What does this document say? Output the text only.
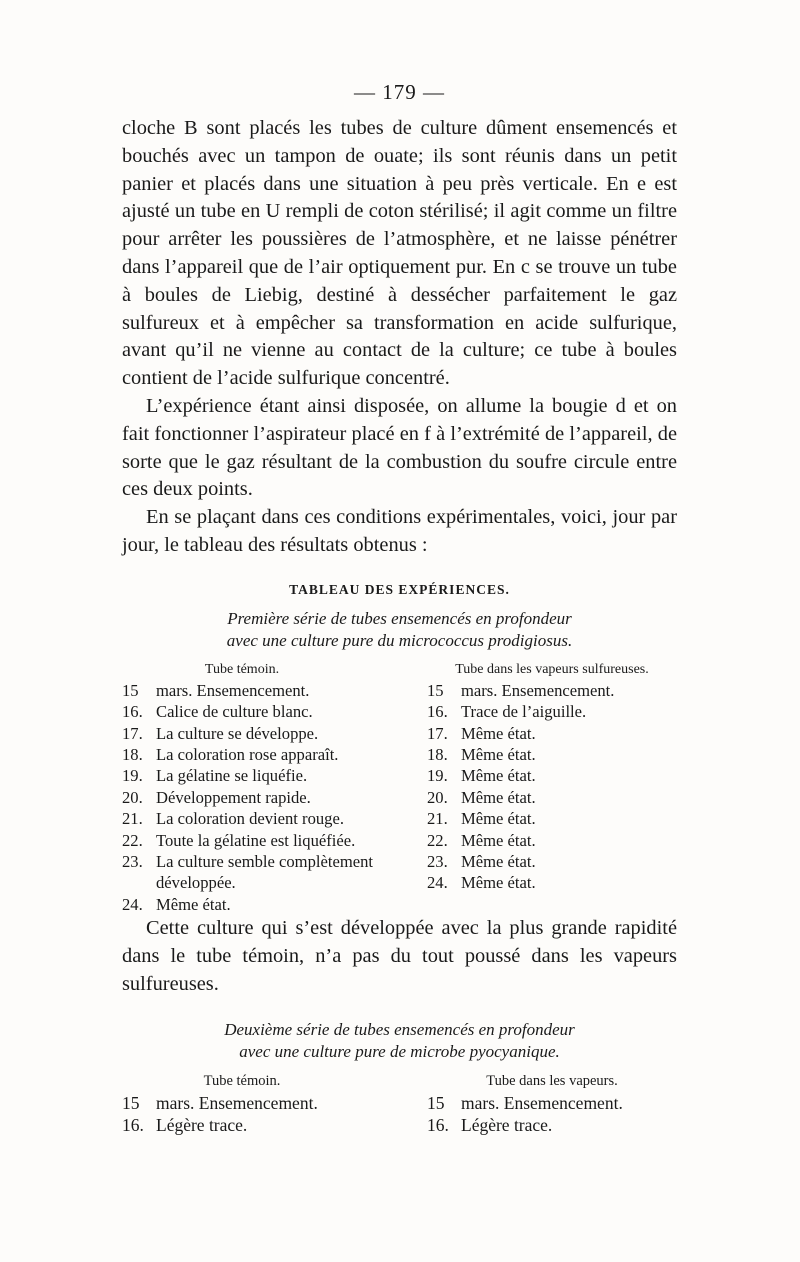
— 179 —

cloche B sont placés les tubes de culture dûment ensemencés et bouchés avec un tampon de ouate; ils sont réunis dans un petit panier et placés dans une situation à peu près verticale. En e est ajusté un tube en U rempli de coton stérilisé; il agit comme un filtre pour arrêter les poussières de l’atmosphère, et ne laisse pénétrer dans l’appareil que de l’air optiquement pur. En c se trouve un tube à boules de Liebig, destiné à dessécher parfaitement le gaz sulfureux et à empêcher sa transformation en acide sulfurique, avant qu’il ne vienne au contact de la culture; ce tube à boules contient de l’acide sulfurique concentré.

L’expérience étant ainsi disposée, on allume la bougie d et on fait fonctionner l’aspirateur placé en f à l’extrémité de l’appareil, de sorte que le gaz résultant de la combustion du soufre circule entre ces deux points.

En se plaçant dans ces conditions expérimentales, voici, jour par jour, le tableau des résultats obtenus :

TABLEAU DES EXPÉRIENCES.
Première série de tubes ensemencés en profondeur
avec une culture pure du micrococcus prodigiosus.
Tube témoin.
15	mars. Ensemencement.
16. Calice de culture blanc.
17. La culture se développe.
18. La coloration rose apparaît.
19. La gélatine se liquéfie.
20. Développement rapide.
21. La coloration devient rouge.
22. Toute la gélatine est liquéfiée.
23. La culture semble complètement développée.
24. Même état.
Tube dans les vapeurs sulfureuses.
15	mars. Ensemencement.
16. Trace de l’aiguille.
17. Même état.
18. Même état.
19. Même état.
20. Même état.
21. Même état.
22. Même état.
23. Même état.
24. Même état.

Cette culture qui s’est développée avec la plus grande rapidité dans le tube témoin, n’a pas du tout poussé dans les vapeurs sulfureuses.

Deuxième série de tubes ensemencés en profondeur
avec une culture pure de microbe pyocyanique.
Tube témoin.
15 mars. Ensemencement.
16. Légère trace.
Tube dans les vapeurs.
15 mars. Ensemencement.
16. Légère trace.
